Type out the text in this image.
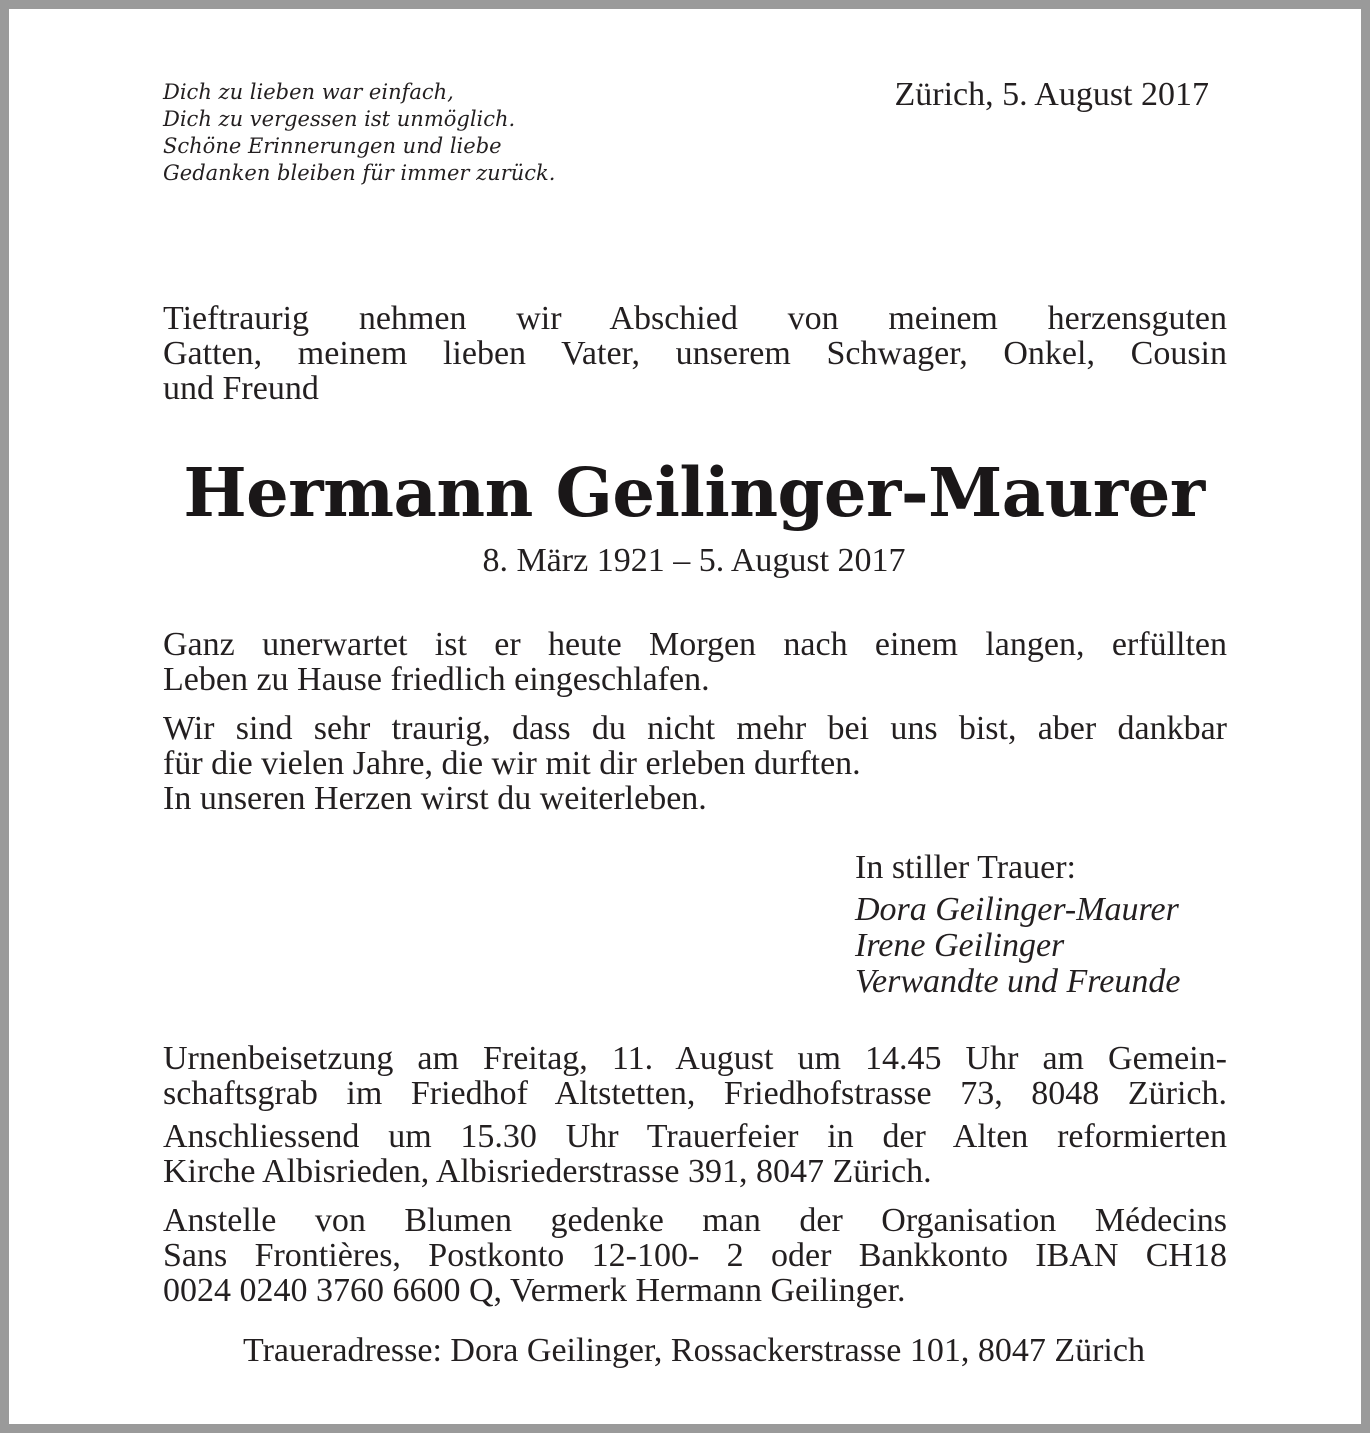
Dich zu lieben war einfach,
Dich zu vergessen ist unmöglich.
Schöne Erinnerungen und liebe
Gedanken bleiben für immer zurück.
Zürich, 5. August 2017
Tieftraurig nehmen wir Abschied von meinem herzensguten
Gatten, meinem lieben Vater, unserem Schwager, Onkel, Cousin
und Freund
Hermann Geilinger-Maurer
8. März 1921 – 5. August 2017
Ganz unerwartet ist er heute Morgen nach einem langen, erfüllten
Leben zu Hause friedlich eingeschlafen.
Wir sind sehr traurig, dass du nicht mehr bei uns bist, aber dankbar
für die vielen Jahre, die wir mit dir erleben durften.
In unseren Herzen wirst du weiterleben.
In stiller Trauer:
Dora Geilinger-Maurer
Irene Geilinger
Verwandte und Freunde
Urnenbeisetzung am Freitag, 11. August um 14.45 Uhr am Gemein-
schaftsgrab im Friedhof Altstetten, Friedhofstrasse 73, 8048 Zürich.
Anschliessend um 15.30 Uhr Trauerfeier in der Alten reformierten
Kirche Albisrieden, Albisriederstrasse 391, 8047 Zürich.
Anstelle von Blumen gedenke man der Organisation Médecins
Sans Frontières, Postkonto 12-100- 2 oder Bankkonto IBAN CH18
0024 0240 3760 6600 Q, Vermerk Hermann Geilinger.
Traueradresse: Dora Geilinger, Rossackerstrasse 101, 8047 Zürich
